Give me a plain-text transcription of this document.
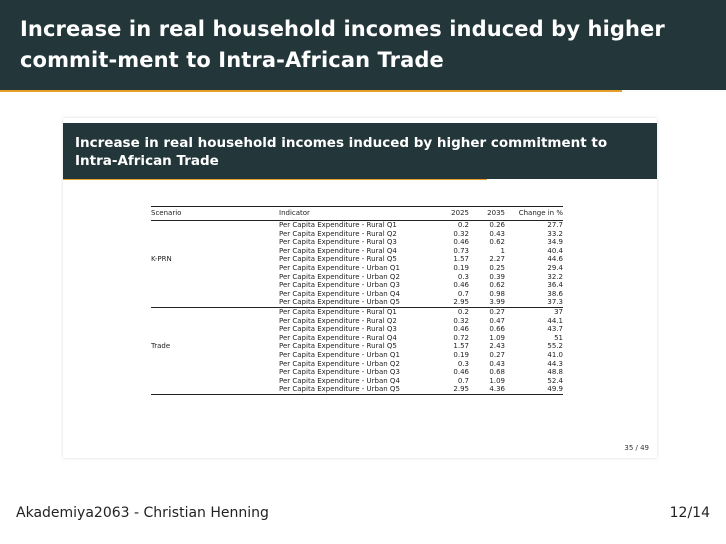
Increase in real household incomes induced by higher commit-ment to Intra-African Trade
Increase in real household incomes induced by higher commitment to
Intra-African Trade
Scenario	Indicator	2025	2035	Change in %
	Per Capita Expenditure - Rural Q1	0.2	0.26	27.7
	Per Capita Expenditure - Rural Q2	0.32	0.43	33.2
	Per Capita Expenditure - Rural Q3	0.46	0.62	34.9
	Per Capita Expenditure - Rural Q4	0.73	1	40.4
K-PRN	Per Capita Expenditure - Rural Q5	1.57	2.27	44.6
	Per Capita Expenditure - Urban Q1	0.19	0.25	29.4
	Per Capita Expenditure - Urban Q2	0.3	0.39	32.2
	Per Capita Expenditure - Urban Q3	0.46	0.62	36.4
	Per Capita Expenditure - Urban Q4	0.7	0.98	38.6
	Per Capita Expenditure - Urban Q5	2.95	3.99	37.3
	Per Capita Expenditure - Rural Q1	0.2	0.27	37
	Per Capita Expenditure - Rural Q2	0.32	0.47	44.1
	Per Capita Expenditure - Rural Q3	0.46	0.66	43.7
	Per Capita Expenditure - Rural Q4	0.72	1.09	51
Trade	Per Capita Expenditure - Rural Q5	1.57	2.43	55.2
	Per Capita Expenditure - Urban Q1	0.19	0.27	41.0
	Per Capita Expenditure - Urban Q2	0.3	0.43	44.3
	Per Capita Expenditure - Urban Q3	0.46	0.68	48.8
	Per Capita Expenditure - Urban Q4	0.7	1.09	52.4
	Per Capita Expenditure - Urban Q5	2.95	4.36	49.9
35 / 49
Akademiya2063 - Christian Henning	12/14
